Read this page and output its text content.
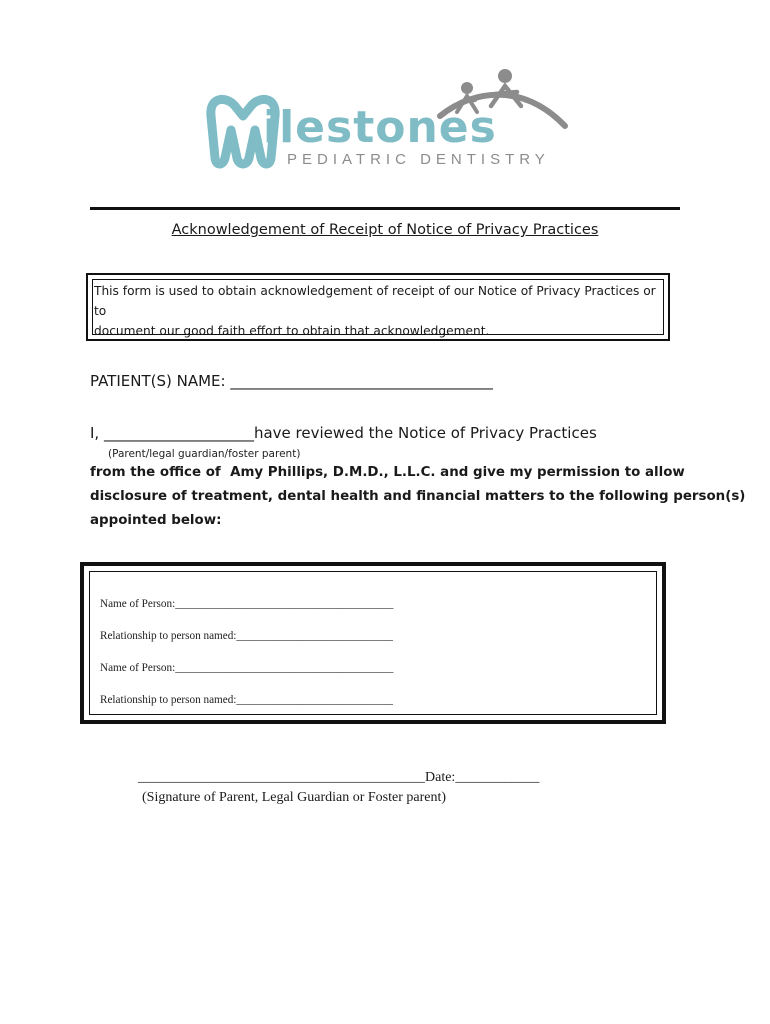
ilestones
PEDIATRIC DENTISTRY
Acknowledgement of Receipt of Notice of Privacy Practices
This form is used to obtain acknowledgement of receipt of our Notice of Privacy Practices or to
document our good faith effort to obtain that acknowledgement.
PATIENT(S) NAME: ___________________________________
I, ____________________have reviewed the Notice of Privacy Practices
(Parent/legal guardian/foster parent)
from the office of  Amy Phillips, D.M.D., L.L.C. and give my permission to allow
disclosure of treatment, dental health and financial matters to the following person(s)
appointed below:
Name of Person:_______________________________________
Relationship to person named:____________________________
Name of Person:_______________________________________
Relationship to person named:____________________________
_________________________________________Date:____________
(Signature of Parent, Legal Guardian or Foster parent)
